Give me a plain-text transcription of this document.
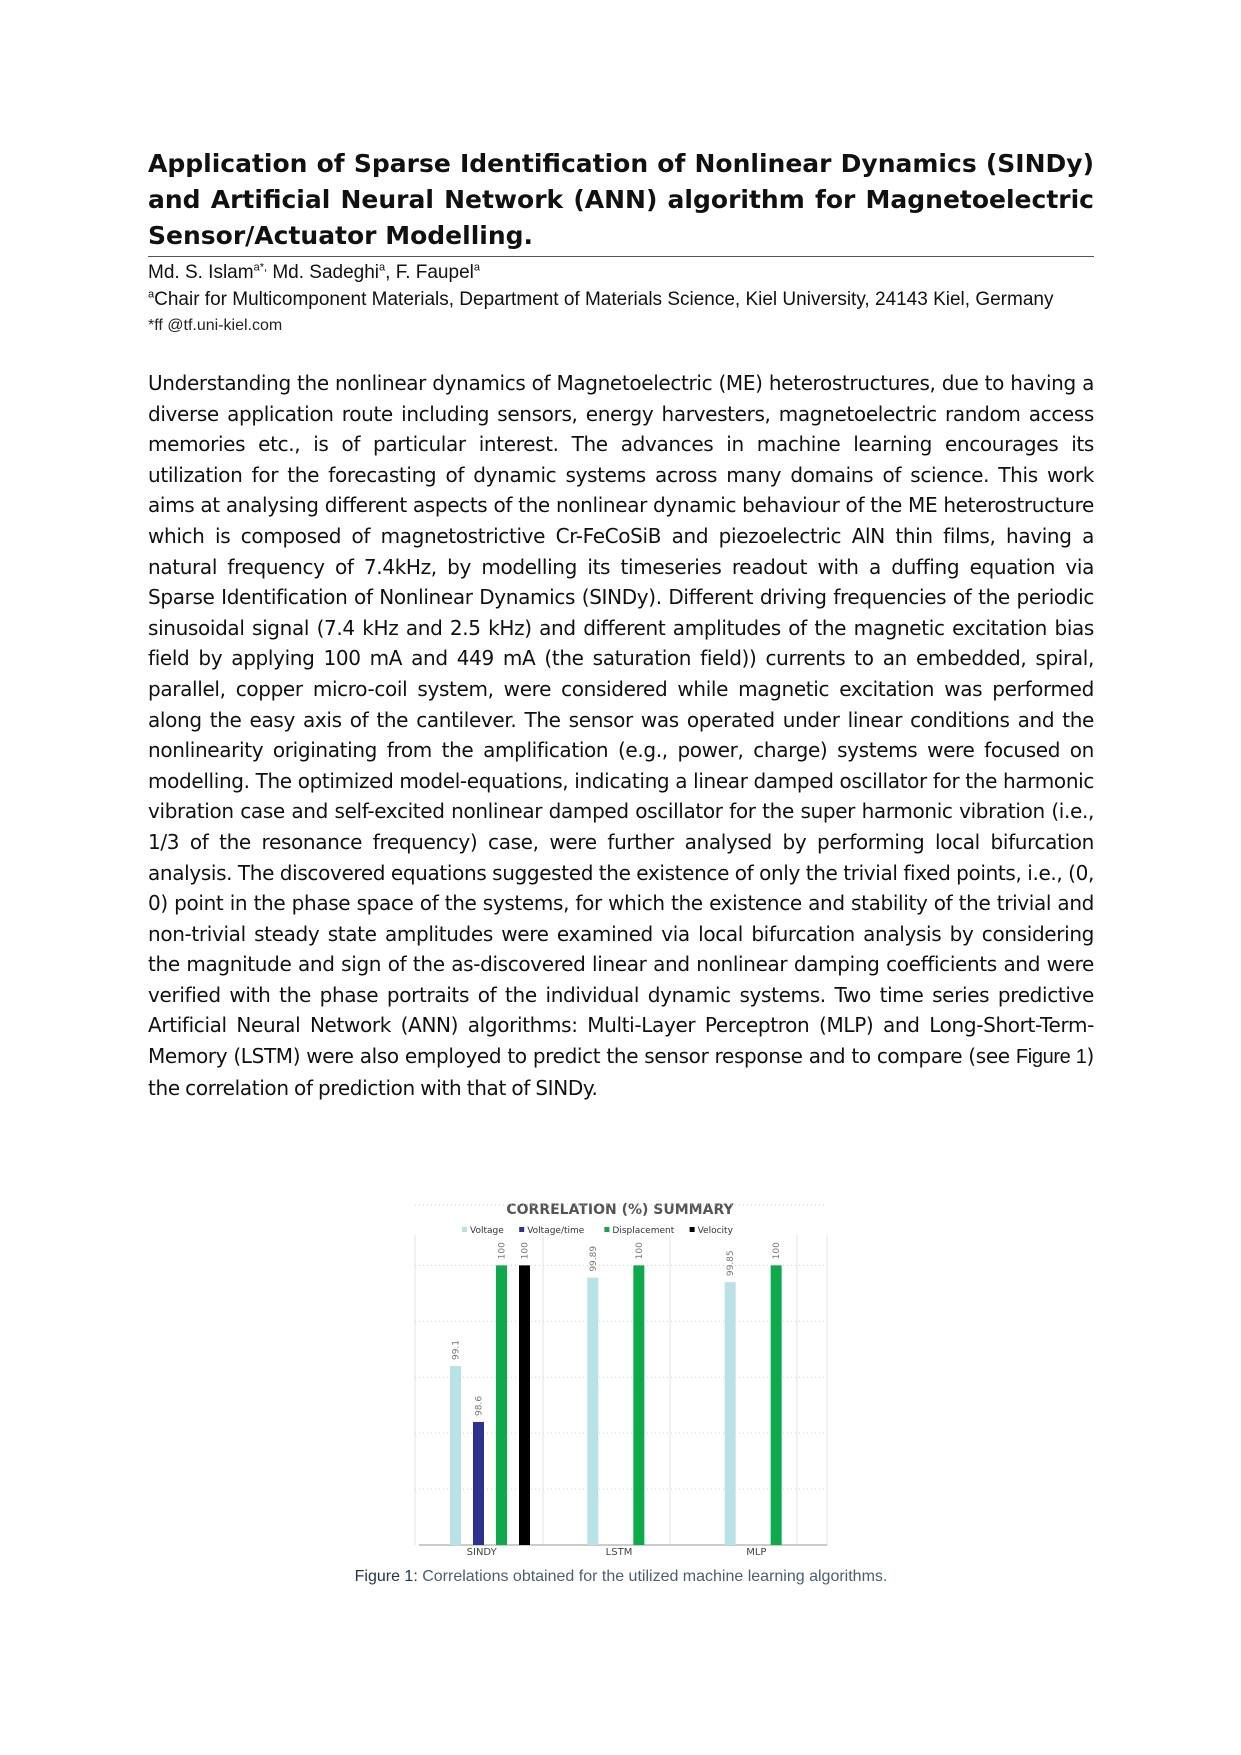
Application of Sparse Identification of Nonlinear Dynamics (SINDy) and Artificial Neural Network (ANN) algorithm for Magnetoelectric Sensor/Actuator Modelling.
Md. S. Islam$^{a*,}$ Md. Sadeghi$^a$, F. Faupel$^a$
$^a$Chair for Multicomponent Materials, Department of Materials Science, Kiel University, 24143 Kiel, Germany
*ff @tf.uni-kiel.com

Understanding the nonlinear dynamics of Magnetoelectric (ME) heterostructures, due to having a diverse application route including sensors, energy harvesters, magnetoelectric random access memories etc., is of particular interest. The advances in machine learning encourages its utilization for the forecasting of dynamic systems across many domains of science. This work aims at analysing different aspects of the nonlinear dynamic behaviour of the ME heterostructure which is composed of magnetostrictive Cr-FeCoSiB and piezoelectric AlN thin films, having a natural frequency of 7.4kHz, by modelling its timeseries readout with a duffing equation via Sparse Identification of Nonlinear Dynamics (SINDy). Different driving frequencies of the periodic sinusoidal signal (7.4 kHz and 2.5 kHz) and different amplitudes of the magnetic excitation bias field by applying 100 mA and 449 mA (the saturation field)) currents to an embedded, spiral, parallel, copper micro-coil system, were considered while magnetic excitation was performed along the easy axis of the cantilever. The sensor was operated under linear conditions and the nonlinearity originating from the amplification (e.g., power, charge) systems were focused on modelling. The optimized model-equations, indicating a linear damped oscillator for the harmonic vibration case and self-excited nonlinear damped oscillator for the super harmonic vibration (i.e., 1/3 of the resonance frequency) case, were further analysed by performing local bifurcation analysis. The discovered equations suggested the existence of only the trivial fixed points, i.e., (0, 0) point in the phase space of the systems, for which the existence and stability of the trivial and non-trivial steady state amplitudes were examined via local bifurcation analysis by considering the magnitude and sign of the as-discovered linear and nonlinear damping coefficients and were verified with the phase portraits of the individual dynamic systems. Two time series predictive Artificial Neural Network (ANN) algorithms: Multi-Layer Perceptron (MLP) and Long-Short-Term-Memory (LSTM) were also employed to predict the sensor response and to compare (see Figure 1) the correlation of prediction with that of SINDy.

CORRELATION (%) SUMMARY
Voltage	Voltage/time	Displacement	Velocity
99.1
98.6
100 100
SINDY
99.89	100
LSTM
99.85	100
MLP
Figure 1: Correlations obtained for the utilized machine learning algorithms.
